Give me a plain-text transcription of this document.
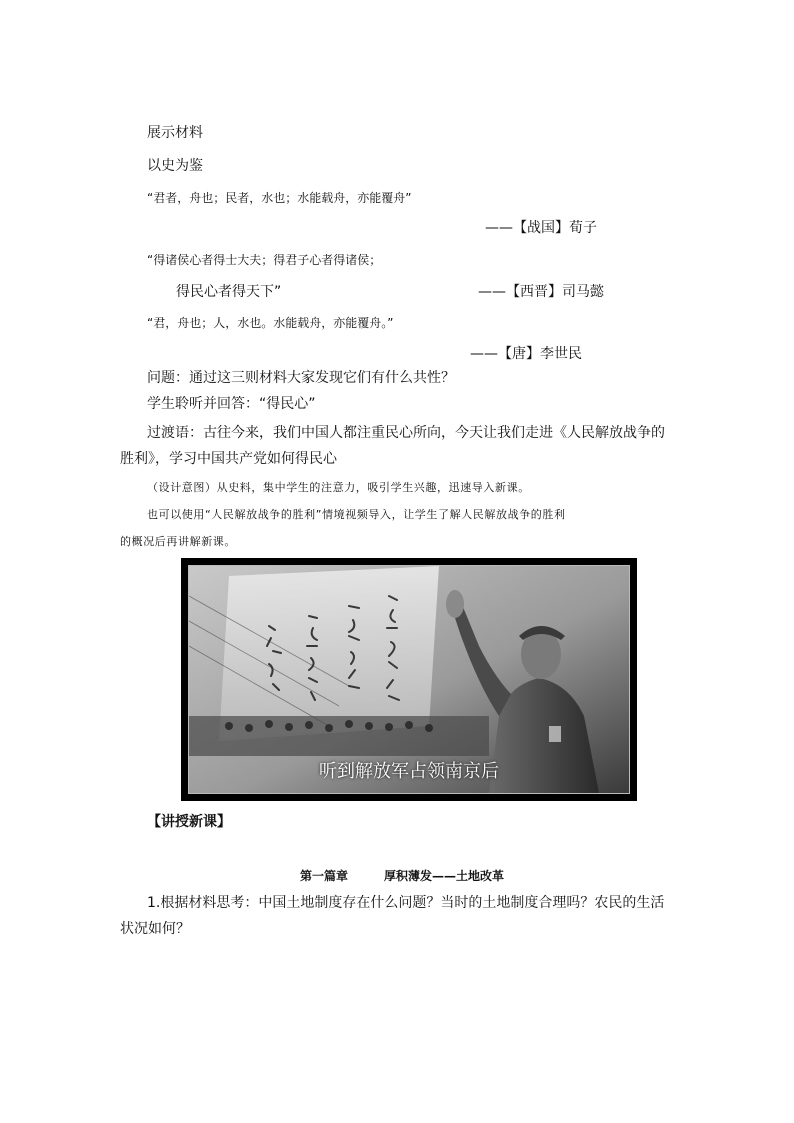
展示材料
以史为鉴
“君者，舟也；民者，水也；水能载舟，亦能覆舟”
——【战国】荀子
“得诸侯心者得士大夫；得君子心者得诸侯；
得民心者得天下”	——【西晋】司马懿
“君，舟也；人，水也。水能载舟，亦能覆舟。”
——【唐】李世民
问题：通过这三则材料大家发现它们有什么共性？
学生聆听并回答：“得民心”
过渡语：古往今来，我们中国人都注重民心所向，今天让我们走进《人民解放战争的
胜利》，学习中国共产党如何得民心
（设计意图）从史料，集中学生的注意力，吸引学生兴趣，迅速导入新课。
也可以使用“人民解放战争的胜利”情境视频导入，让学生了解人民解放战争的胜利
的概况后再讲解新课。
听到解放军占领南京后
【讲授新课】
第一篇章	厚积薄发——土地改革
1.根据材料思考：中国土地制度存在什么问题？当时的土地制度合理吗？农民的生活
状况如何？
